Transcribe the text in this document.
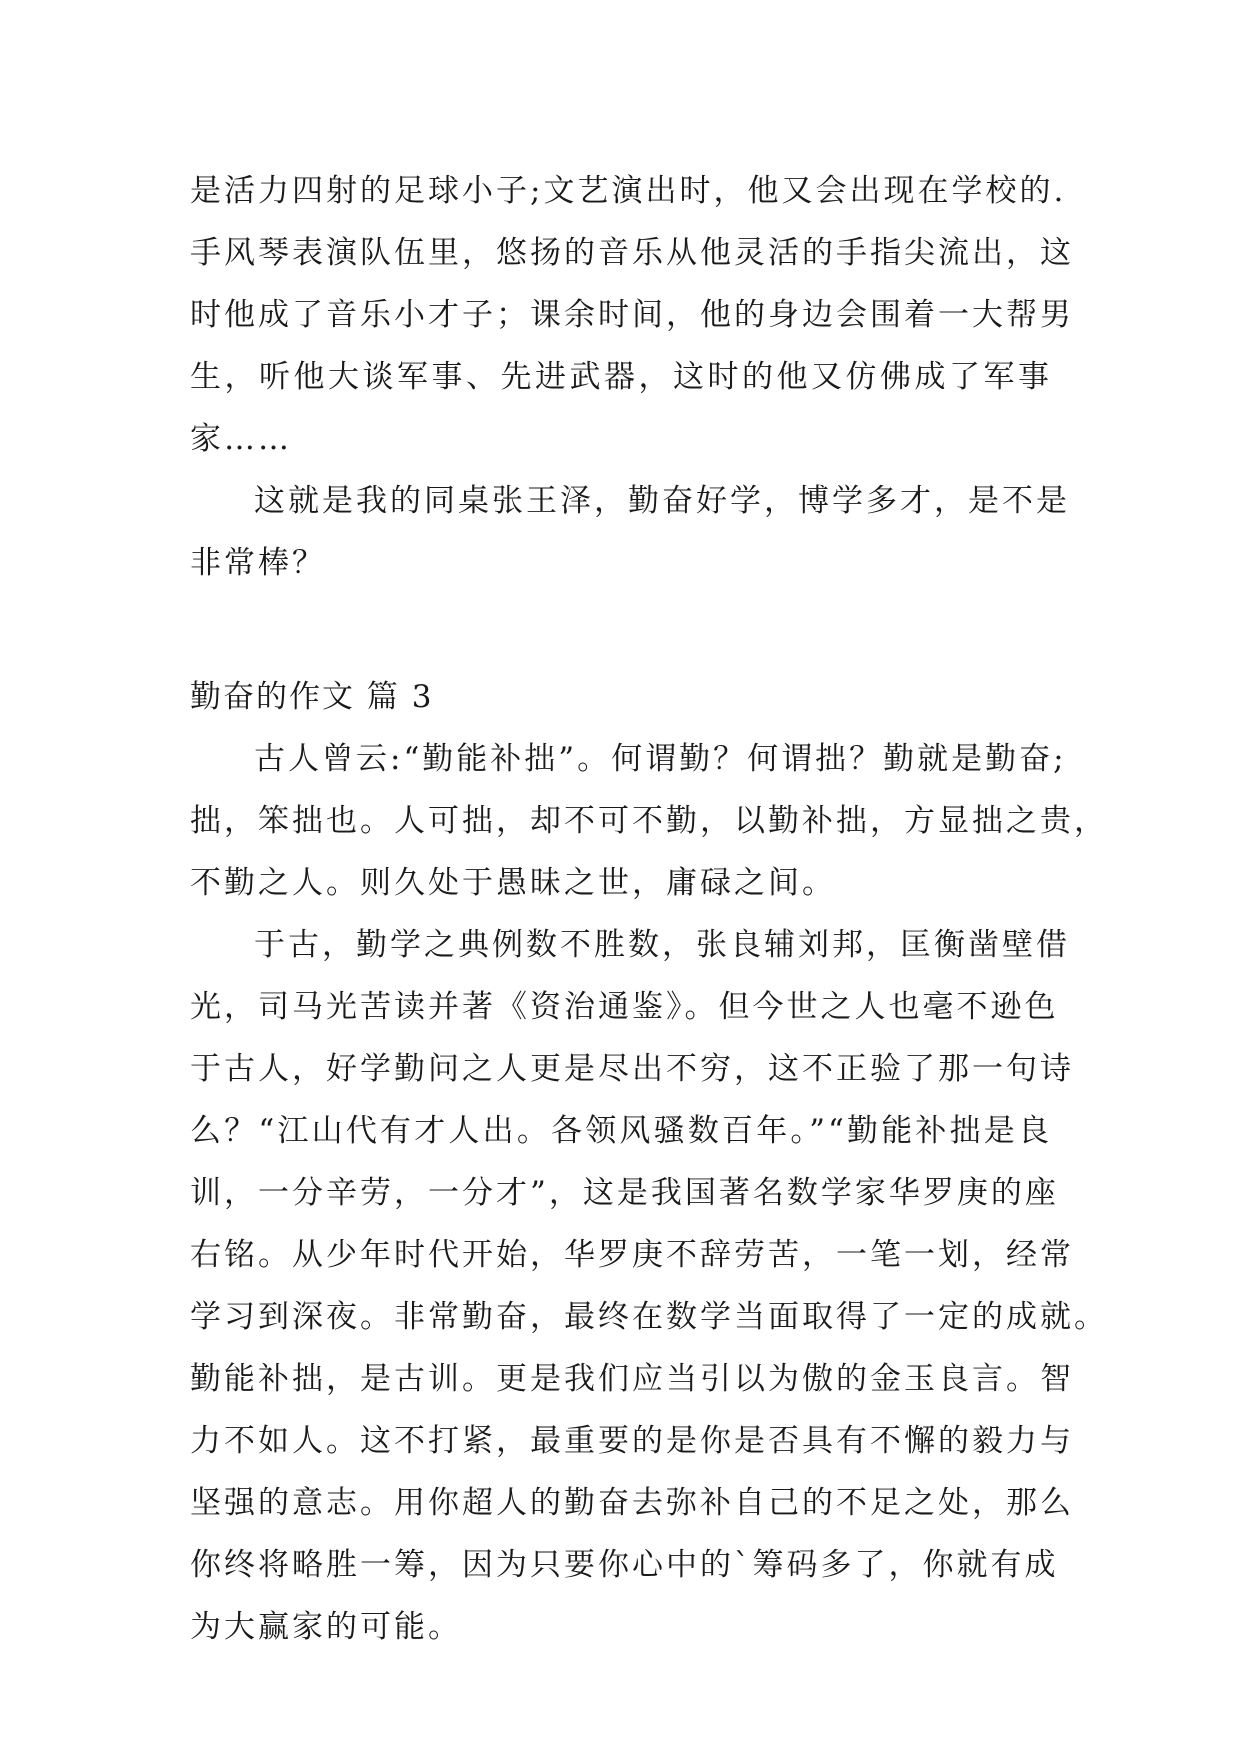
是活力四射的足球小子;文艺演出时，他又会出现在学校的.
手风琴表演队伍里，悠扬的音乐从他灵活的手指尖流出，这
时他成了音乐小才子；课余时间，他的身边会围着一大帮男
生，听他大谈军事、先进武器，这时的他又仿佛成了军事
家……
这就是我的同桌张王泽，勤奋好学，博学多才，是不是
非常棒？
勤奋的作文 篇 3
古人曾云:“勤能补拙”。何谓勤？何谓拙？勤就是勤奋;
拙，笨拙也。人可拙，却不可不勤，以勤补拙，方显拙之贵，
不勤之人。则久处于愚昧之世，庸碌之间。
于古，勤学之典例数不胜数，张良辅刘邦，匡衡凿壁借
光，司马光苦读并著《资治通鉴》。但今世之人也毫不逊色
于古人，好学勤问之人更是尽出不穷，这不正验了那一句诗
么？“江山代有才人出。各领风骚数百年。”“勤能补拙是良
训，一分辛劳，一分才”，这是我国著名数学家华罗庚的座
右铭。从少年时代开始，华罗庚不辞劳苦，一笔一划，经常
学习到深夜。非常勤奋，最终在数学当面取得了一定的成就。
勤能补拙，是古训。更是我们应当引以为傲的金玉良言。智
力不如人。这不打紧，最重要的是你是否具有不懈的毅力与
坚强的意志。用你超人的勤奋去弥补自己的不足之处，那么
你终将略胜一筹，因为只要你心中的`筹码多了，你就有成
为大赢家的可能。
